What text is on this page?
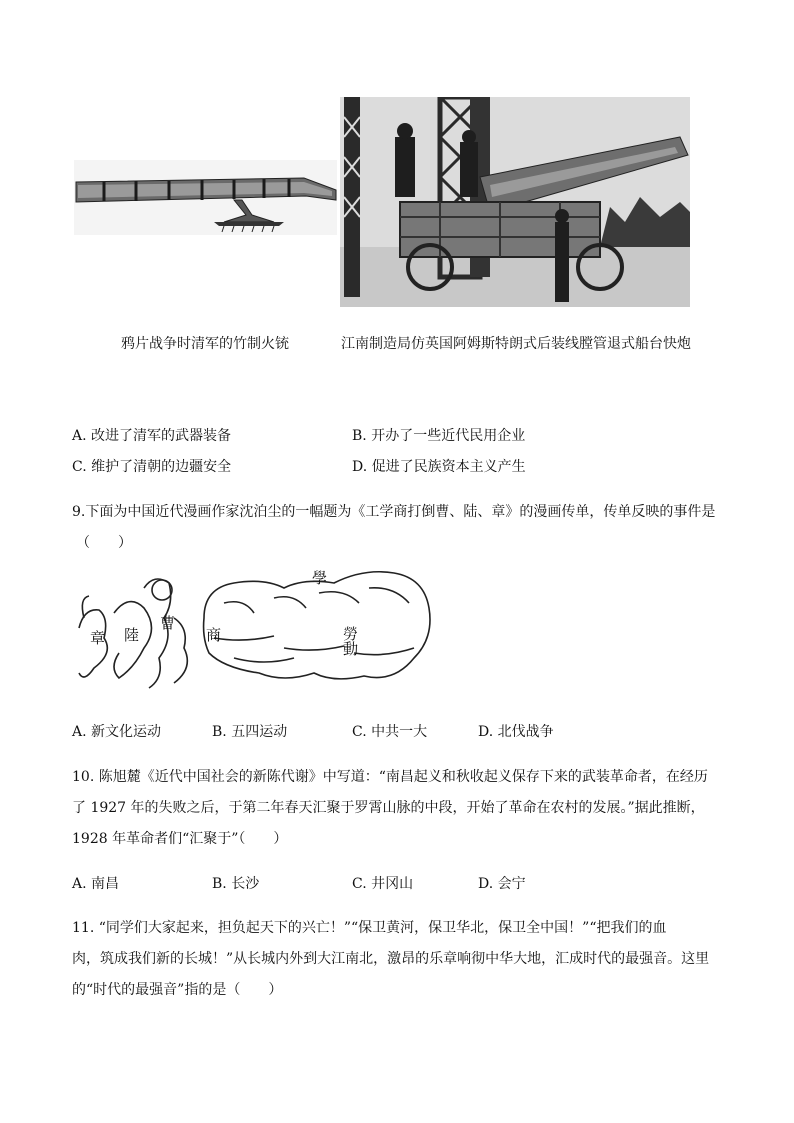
鸦片战争时清军的竹制火铳	江南制造局仿英国阿姆斯特朗式后装线膛管退式船台快炮
A. 改进了清军的武器装备	B. 开办了一些近代民用企业
C. 维护了清朝的边疆安全	D. 促进了民族资本主义产生
9.下面为中国近代漫画作家沈泊尘的一幅题为《工学商打倒曹、陆、章》的漫画传单，传单反映的事件是
（　　）
章 陸
曹
商
學
勞動
A. 新文化运动	B. 五四运动	C. 中共一大	D. 北伐战争
10. 陈旭麓《近代中国社会的新陈代谢》中写道：“南昌起义和秋收起义保存下来的武装革命者，在经历
了 1927 年的失败之后，于第二年春天汇聚于罗霄山脉的中段，开始了革命在农村的发展。”据此推断，
1928 年革命者们“汇聚于”（　　）
A. 南昌	B. 长沙	C. 井冈山	D. 会宁
11. “同学们大家起来，担负起天下的兴亡！”“保卫黄河，保卫华北，保卫全中国！”“把我们的血
肉，筑成我们新的长城！”从长城内外到大江南北，激昂的乐章响彻中华大地，汇成时代的最强音。这里
的“时代的最强音”指的是（　　）
